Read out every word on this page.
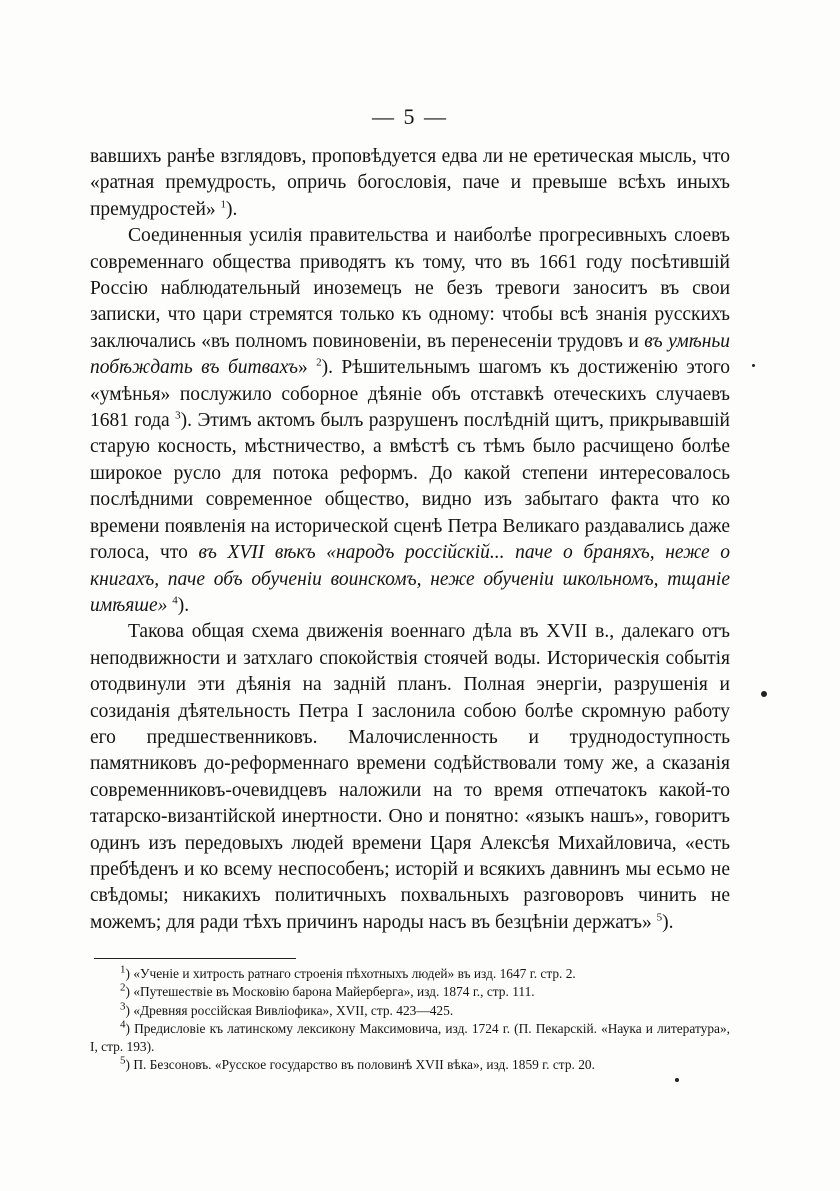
— 5 —

вавшихъ ранѣе взглядовъ, проповѣдуется едва ли не еретическая мысль, что «ратная премудрость, опричь богословія, паче и превыше всѣхъ иныхъ премудростей» $^1$).

Соединенныя усилія правительства и наиболѣе прогресивныхъ слоевъ современнаго общества приводятъ къ тому, что въ 1661 году посѣтившій Россію наблюдательный иноземецъ не безъ тревоги заноситъ въ свои записки, что цари стремятся только къ одному: чтобы всѣ знанія русскихъ заключались «въ полномъ повиновеніи, въ перенесеніи трудовъ и въ умѣньи побѣждать въ битвахъ» $^2$). Рѣшительнымъ шагомъ къ достиженію этого «умѣнья» послужило соборное дѣяніе объ отставкѣ отеческихъ случаевъ 1681 года $^3$). Этимъ актомъ былъ разрушенъ послѣдній щитъ, прикрывавшій старую косность, мѣстничество, а вмѣстѣ съ тѣмъ было расчищено болѣе широкое русло для потока реформъ. До какой степени интересовалось послѣдними современное общество, видно изъ забытаго факта что ко времени появленія на исторической сценѣ Петра Великаго раздавались даже голоса, что въ XVII вѣкъ «народъ россійскій... паче о браняхъ, неже о книгахъ, паче объ обученіи воинскомъ, неже обученіи школьномъ, тщаніе имѣяше» $^4$).

Такова общая схема движенія военнаго дѣла въ XVII в., далекаго отъ неподвижности и затхлаго спокойствія стоячей воды. Историческія событія отодвинули эти дѣянія на задній планъ. Полная энергіи, разрушенія и созиданія дѣятельность Петра I заслонила собою болѣе скромную работу его предшественниковъ. Малочисленность и труднодоступность памятниковъ до-реформеннаго времени содѣйствовали тому же, а сказанія современниковъ-очевидцевъ наложили на то время отпечатокъ какой-то татарско-византійской инертности. Оно и понятно: «языкъ нашъ», говоритъ одинъ изъ передовыхъ людей времени Царя Алексѣя Михайловича, «есть пребѣденъ и ко всему неспособенъ; исторій и всякихъ давнинъ мы есьмо не свѣдомы; никакихъ политичныхъ похвальныхъ разговоровъ чинить не можемъ; для ради тѣхъ причинъ народы насъ въ безцѣніи держатъ» $^5$).

$^1$) «Ученіе и хитрость ратнаго строенія пѣхотныхъ людей» въ изд. 1647 г. стр. 2.

$^2$) «Путешествіе въ Московію барона Майерберга», изд. 1874 г., стр. 111.

$^3$) «Древняя россійская Вивліофика», XVII, стр. 423—425.

$^4$) Предисловіе къ латинскому лексикону Максимовича, изд. 1724 г. (П. Пекарскій. «Наука и литература», I, стр. 193).

$^5$) П. Безсоновъ. «Русское государство въ половинѣ XVII вѣка», изд. 1859 г. стр. 20.
